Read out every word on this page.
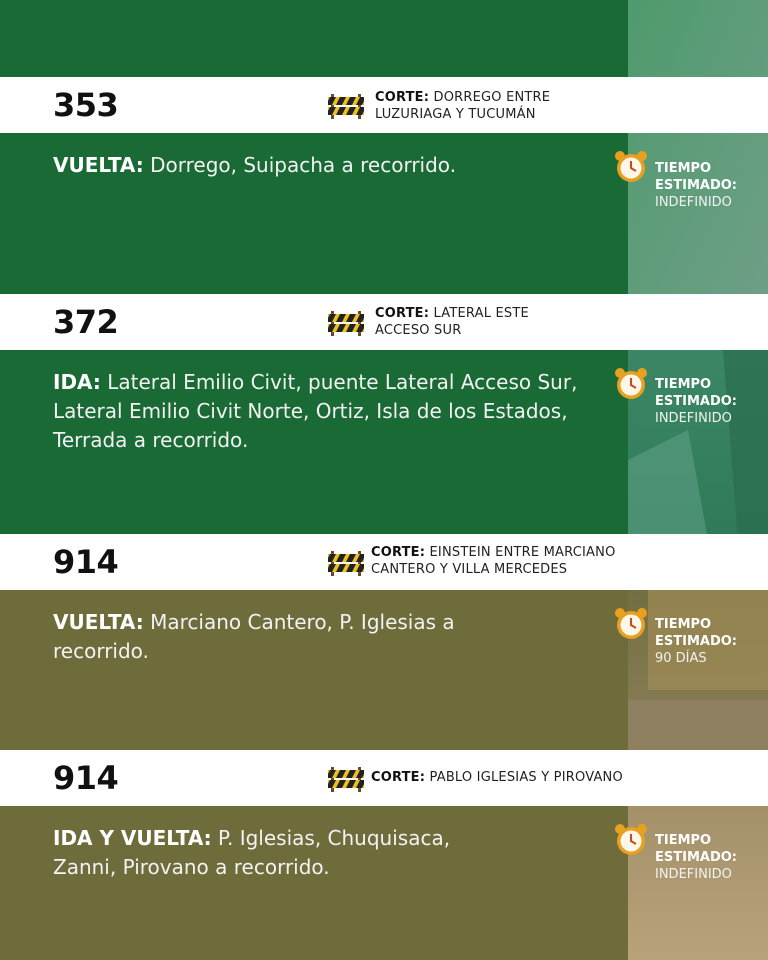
353	CORTE: DORREGO ENTRE
LUZURIAGA Y TUCUMÁN
VUELTA: Dorrego, Suipacha a recorrido.	TIEMPO
ESTIMADO:
INDEFINIDO
372	CORTE: LATERAL ESTE
ACCESO SUR
IDA: Lateral Emilio Civit, puente Lateral Acceso Sur, Lateral Emilio Civit Norte, Ortiz, Isla de los Estados, Terrada a recorrido.
TIEMPO
ESTIMADO:
INDEFINIDO
914	CORTE: EINSTEIN ENTRE MARCIANO
CANTERO Y VILLA MERCEDES
VUELTA: Marciano Cantero, P. Iglesias a recorrido.
TIEMPO
ESTIMADO:
90 DÍAS
914	CORTE: PABLO IGLESIAS Y PIROVANO
IDA Y VUELTA: P. Iglesias, Chuquisaca, Zanni, Pirovano a recorrido.
TIEMPO
ESTIMADO:
INDEFINIDO
